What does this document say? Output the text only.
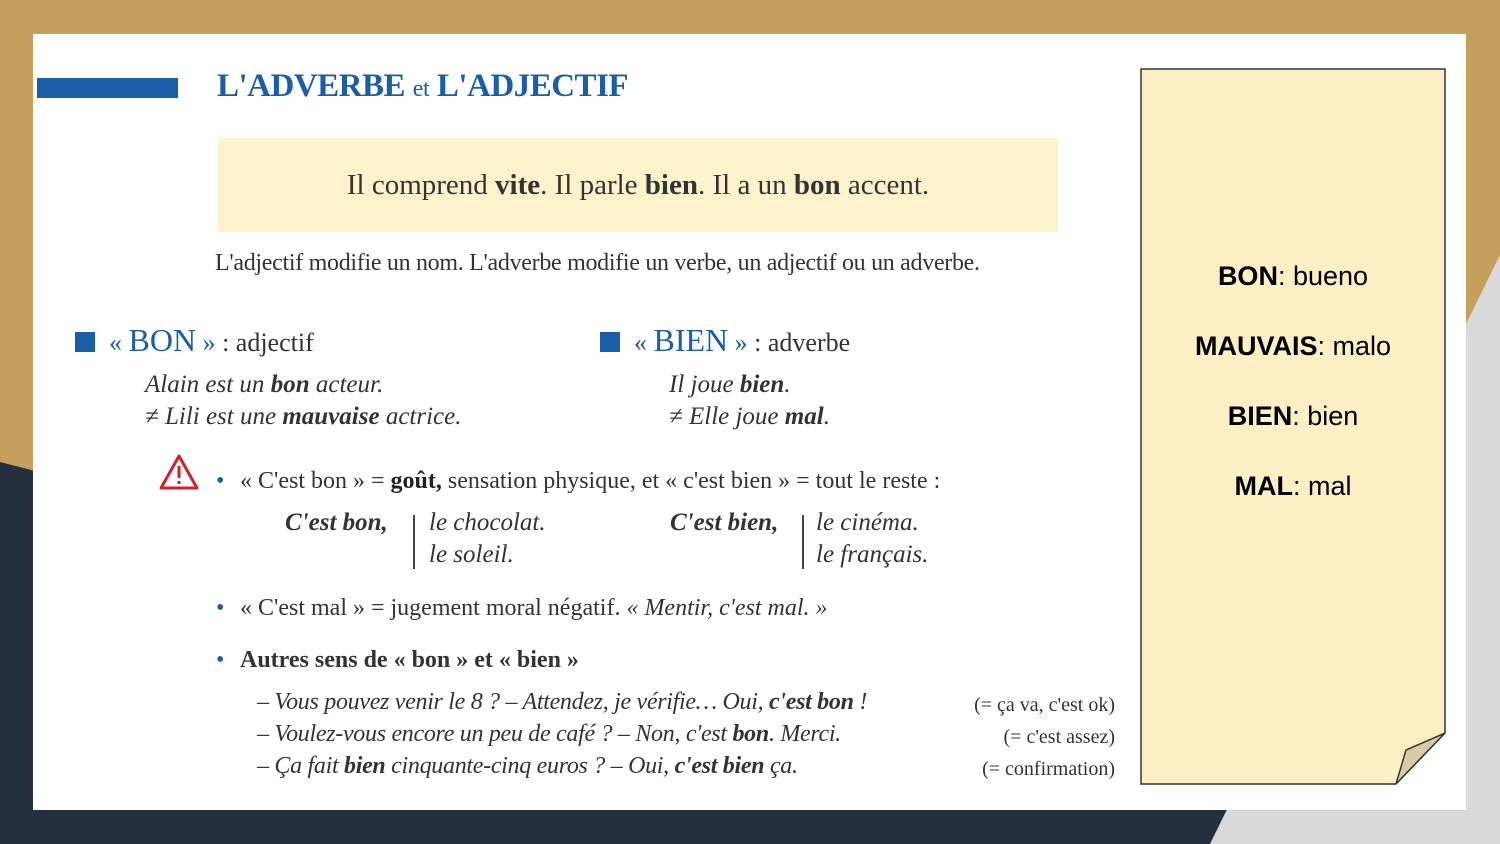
L'ADVERBE et L'ADJECTIF
Il comprend vite. Il parle bien. Il a un bon accent.
L'adjectif modifie un nom. L'adverbe modifie un verbe, un adjectif ou un adverbe.
« BON » : adjectif
Alain est un bon acteur.
≠ Lili est une mauvaise actrice.
« BIEN » : adverbe
Il joue bien.
≠ Elle joue mal.
• « C'est bon » = goût, sensation physique, et « c'est bien » = tout le reste :
C'est bon, le chocolat.
le soleil.
C'est bien, le cinéma.
le français.
• « C'est mal » = jugement moral négatif. « Mentir, c'est mal. »
• Autres sens de « bon » et « bien »
– Vous pouvez venir le 8 ? – Attendez, je vérifie… Oui, c'est bon !	(= ça va, c'est ok)
– Voulez-vous encore un peu de café ? – Non, c'est bon. Merci.	(= c'est assez)
– Ça fait bien cinquante-cinq euros ? – Oui, c'est bien ça.	(= confirmation)

BON: bueno

MAUVAIS: malo

BIEN: bien

MAL: mal
